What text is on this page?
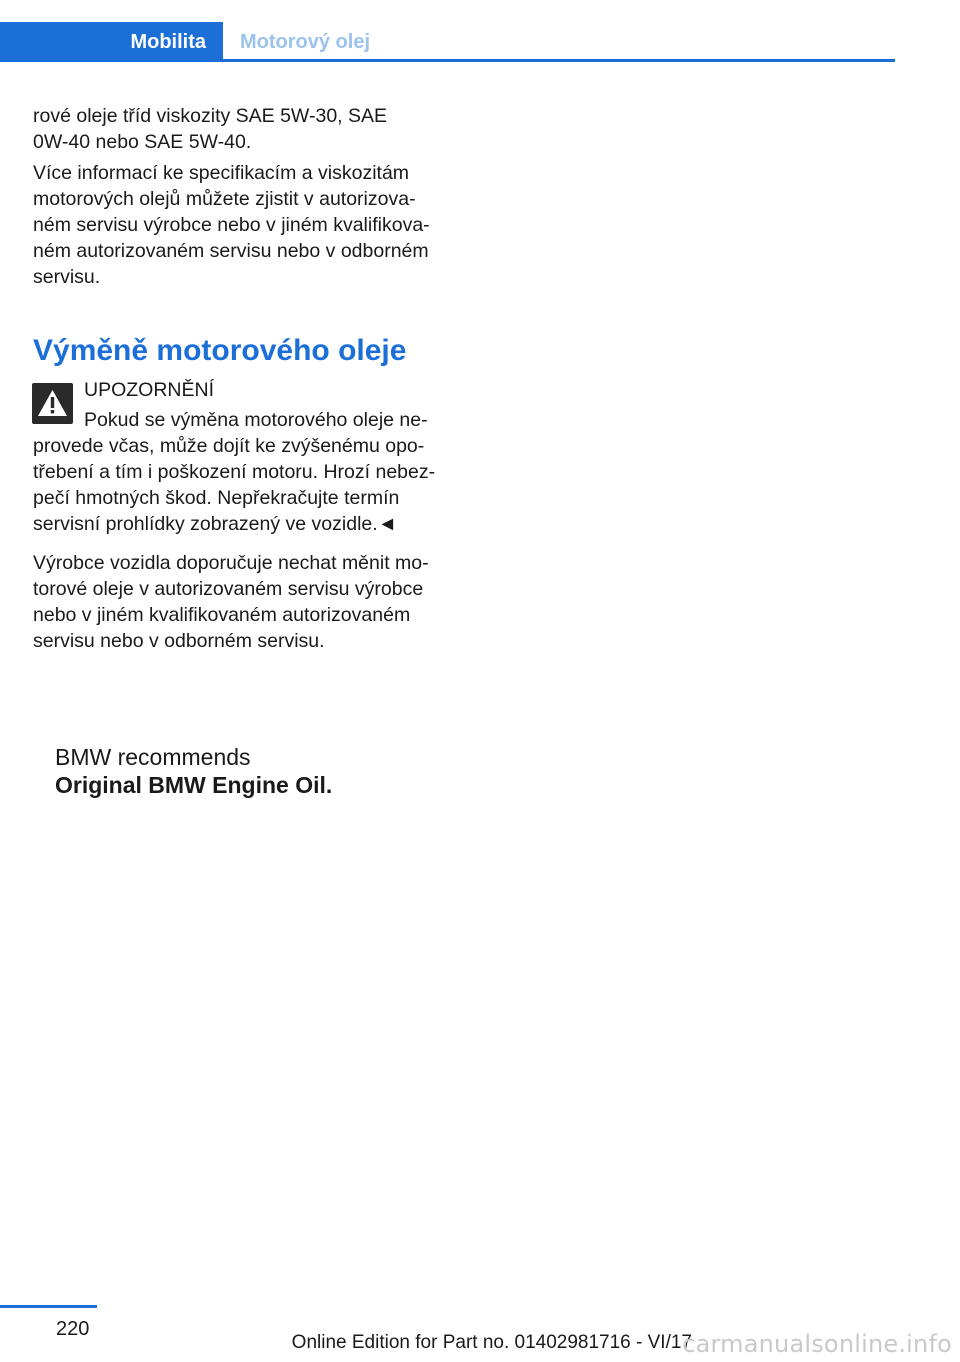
Mobilita	Motorový olej

rové oleje tříd viskozity SAE 5W-30, SAE
0W-40 nebo SAE 5W-40.

Více informací ke specifikacím a viskozitám
motorových olejů můžete zjistit v autorizova-
ném servisu výrobce nebo v jiném kvalifikova-
ném autorizovaném servisu nebo v odborném
servisu.

Výměně motorového oleje

UPOZORNĚNÍ

Pokud se výměna motorového oleje ne-
provede včas, může dojít ke zvýšenému opo-
třebení a tím i poškození motoru. Hrozí nebez-
pečí hmotných škod. Nepřekračujte termín
servisní prohlídky zobrazený ve vozidle.◄

Výrobce vozidla doporučuje nechat měnit mo-
torové oleje v autorizovaném servisu výrobce
nebo v jiném kvalifikovaném autorizovaném
servisu nebo v odborném servisu.

BMW recommends

Original BMW Engine Oil.

220
Online Edition for Part no. 01402981716 - VI/17
carmanualsonline.info
